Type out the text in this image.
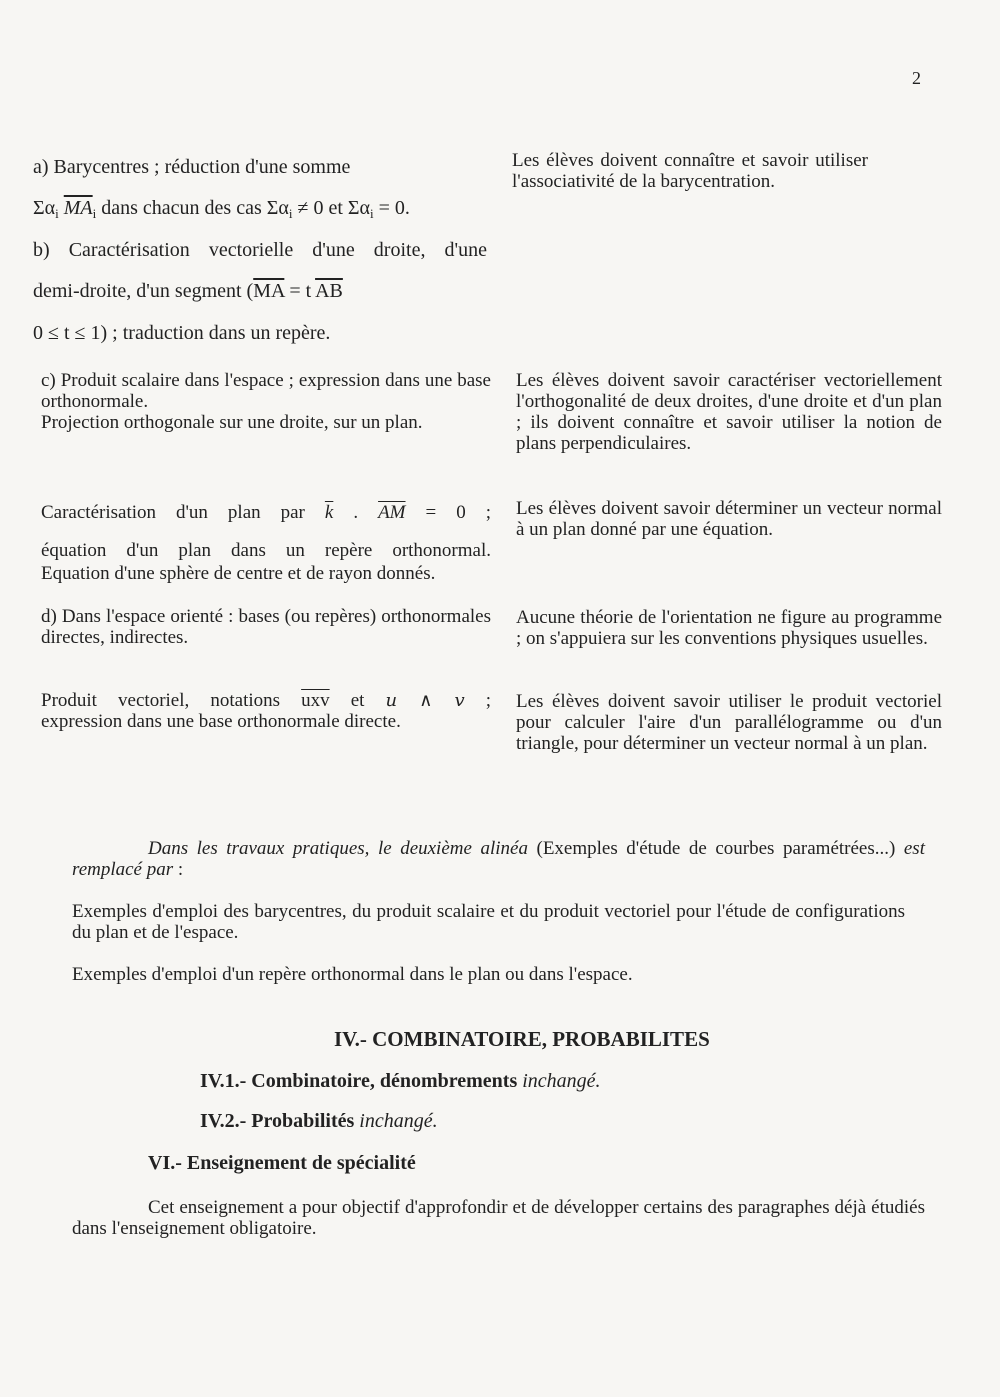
2
a) Barycentres ; réduction d'une somme
$\Sigma\alpha_i$ $\overline{MA}_i$ dans chacun des cas $\Sigma\alpha_i \ne 0$ et $\Sigma\alpha_i = 0$.
Les élèves doivent connaître et savoir utiliser l'associativité de la barycentration.
b) Caractérisation vectorielle d'une droite, d'une
demi-droite, d'un segment ($\overline{MA} = t$ $\overline{AB}$
0 ≤ t ≤ 1) ; traduction dans un repère.
c) Produit scalaire dans l'espace ; expression dans une base orthonormale.
Projection orthogonale sur une droite, sur un plan.
Les élèves doivent savoir caractériser vectoriellement l'orthogonalité de deux droites, d'une droite et d'un plan ; ils doivent connaître et savoir utiliser la notion de plans perpendiculaires.
Caractérisation d'un plan par $\overline{k}$ . $\overline{AM} = 0$ ;
équation d'un plan dans un repère orthonormal.
Equation d'une sphère de centre et de rayon donnés.
Les élèves doivent savoir déterminer un vecteur normal à un plan donné par une équation.
d) Dans l'espace orienté : bases (ou repères) orthonormales directes, indirectes.
Aucune théorie de l'orientation ne figure au programme ; on s'appuiera sur les conventions physiques usuelles.
Produit vectoriel, notations $\overline{uxv}$ et u ∧ v ;
expression dans une base orthonormale directe.
Les élèves doivent savoir utiliser le produit vectoriel pour calculer l'aire d'un parallélogramme ou d'un triangle, pour déterminer un vecteur normal à un plan.
Dans les travaux pratiques, le deuxième alinéa (Exemples d'étude de courbes paramétrées...) est remplacé par :
Exemples d'emploi des barycentres, du produit scalaire et du produit vectoriel pour l'étude de configurations du plan et de l'espace.
Exemples d'emploi d'un repère orthonormal dans le plan ou dans l'espace.
IV.- COMBINATOIRE, PROBABILITES
IV.1.- Combinatoire, dénombrements inchangé.
IV.2.- Probabilités inchangé.
VI.- Enseignement de spécialité
Cet enseignement a pour objectif d'approfondir et de développer certains des paragraphes déjà étudiés dans l'enseignement obligatoire.
